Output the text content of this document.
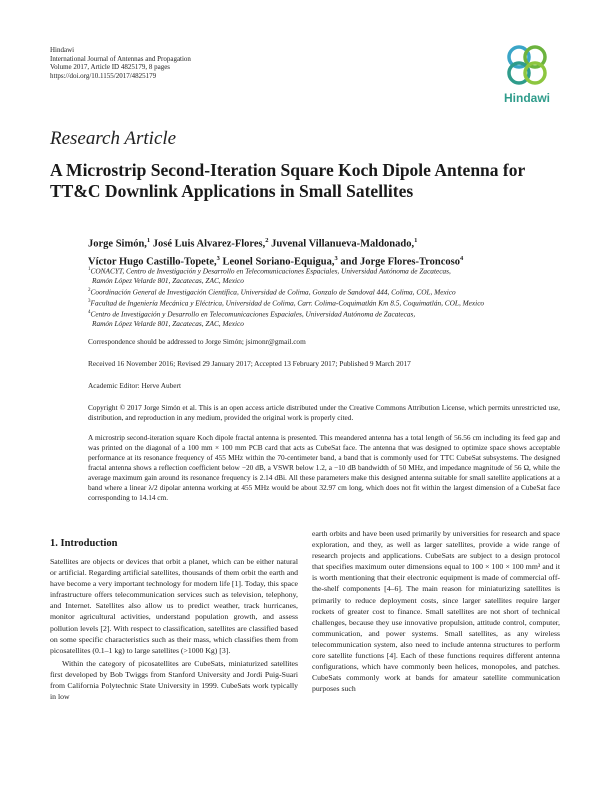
Hindawi
International Journal of Antennas and Propagation
Volume 2017, Article ID 4825179, 8 pages
https://doi.org/10.1155/2017/4825179
Hindawi
Research Article
A Microstrip Second-Iteration Square Koch Dipole Antenna for
TT&C Downlink Applications in Small Satellites
Jorge Simón,$^1$ José Luis Alvarez-Flores,$^2$ Juvenal Villanueva-Maldonado,$^1$
Víctor Hugo Castillo-Topete,$^3$ Leonel Soriano-Equigua,$^3$ and Jorge Flores-Troncoso$^4$
$^1$CONACYT, Centro de Investigación y Desarrollo en Telecomunicaciones Espaciales, Universidad Autónoma de Zacatecas,
Ramón López Velarde 801, Zacatecas, ZAC, Mexico
$^2$Coordinación General de Investigación Científica, Universidad de Colima, Gonzalo de Sandoval 444, Colima, COL, Mexico
$^3$Facultad de Ingeniería Mecánica y Eléctrica, Universidad de Colima, Carr. Colima-Coquimatlán Km 8.5, Coquimatlán, COL, Mexico
$^4$Centro de Investigación y Desarrollo en Telecomunicaciones Espaciales, Universidad Autónoma de Zacatecas,
Ramón López Velarde 801, Zacatecas, ZAC, Mexico
Correspondence should be addressed to Jorge Simón; jsimonr@gmail.com
Received 16 November 2016; Revised 29 January 2017; Accepted 13 February 2017; Published 9 March 2017
Academic Editor: Herve Aubert
Copyright © 2017 Jorge Simón et al. This is an open access article distributed under the Creative Commons Attribution License, which permits unrestricted use, distribution, and reproduction in any medium, provided the original work is properly cited.
A microstrip second-iteration square Koch dipole fractal antenna is presented. This meandered antenna has a total length of 56.56 cm including its feed gap and was printed on the diagonal of a 100 mm × 100 mm PCB card that acts as CubeSat face. The antenna that was designed to optimize space shows acceptable performance at its resonance frequency of 455 MHz within the 70-centimeter band, a band that is commonly used for TTC CubeSat subsystems. The designed fractal antenna shows a reflection coefficient below −20 dB, a VSWR below 1.2, a −10 dB bandwidth of 50 MHz, and impedance magnitude of 56 Ω, while the average maximum gain around its resonance frequency is 2.14 dBi. All these parameters make this designed antenna suitable for small satellite applications at a band where a linear λ/2 dipolar antenna working at 455 MHz would be about 32.97 cm long, which does not fit within the largest dimension of a CubeSat face corresponding to 14.14 cm.
1. Introduction

Satellites are objects or devices that orbit a planet, which can be either natural or artificial. Regarding artificial satellites, thousands of them orbit the earth and have become a very important technology for modern life [1]. Today, this space infrastructure offers telecommunication services such as television, telephony, and Internet. Satellites also allow us to predict weather, track hurricanes, monitor agricultural activities, understand population growth, and assess pollution levels [2]. With respect to classification, satellites are classified based on some specific characteristics such as their mass, which classifies them from picosatellites (0.1–1 kg) to large satellites (>1000 Kg) [3].

Within the category of picosatellites are CubeSats, miniaturized satellites first developed by Bob Twiggs from Stanford University and Jordi Puig-Suari from California Polytechnic State University in 1999. CubeSats work typically in low

earth orbits and have been used primarily by universities for research and space exploration, and they, as well as larger satellites, provide a wide range of research projects and applications. CubeSats are subject to a design protocol that specifies maximum outer dimensions equal to 100 × 100 × 100 mm³ and it is worth mentioning that their electronic equipment is made of commercial off-the-shelf components [4–6]. The main reason for miniaturizing satellites is primarily to reduce deployment costs, since larger satellites require larger rockets of greater cost to finance. Small satellites are not short of technical challenges, because they use innovative propulsion, attitude control, computer, communication, and power systems. Small satellites, as any wireless telecommunication system, also need to include antenna structures to perform core satellite functions [4]. Each of these functions requires different antenna configurations, which have commonly been helices, monopoles, and patches. CubeSats commonly work at bands for amateur satellite communication purposes such
